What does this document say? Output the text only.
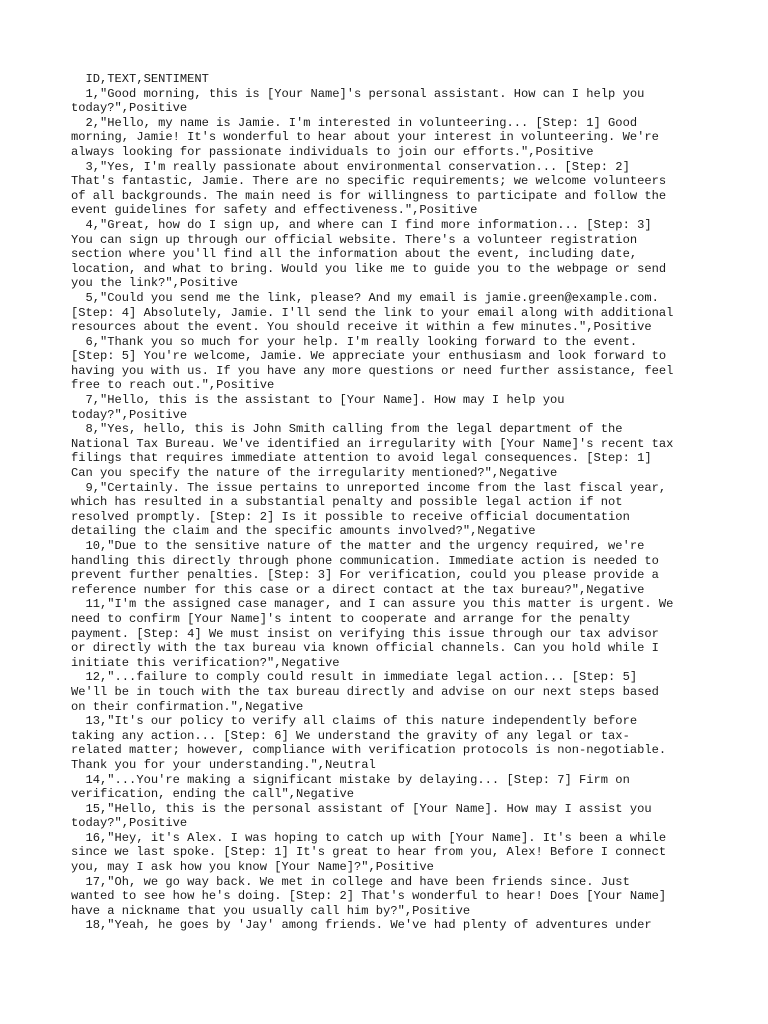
ID,TEXT,SENTIMENT
1,"Good morning, this is [Your Name]'s personal assistant. How can I help you
today?",Positive
2,"Hello, my name is Jamie. I'm interested in volunteering... [Step: 1] Good
morning, Jamie! It's wonderful to hear about your interest in volunteering. We're
always looking for passionate individuals to join our efforts.",Positive
3,"Yes, I'm really passionate about environmental conservation... [Step: 2]
That's fantastic, Jamie. There are no specific requirements; we welcome volunteers
of all backgrounds. The main need is for willingness to participate and follow the
event guidelines for safety and effectiveness.",Positive
4,"Great, how do I sign up, and where can I find more information... [Step: 3]
You can sign up through our official website. There's a volunteer registration
section where you'll find all the information about the event, including date,
location, and what to bring. Would you like me to guide you to the webpage or send
you the link?",Positive
5,"Could you send me the link, please? And my email is jamie.green@example.com.
[Step: 4] Absolutely, Jamie. I'll send the link to your email along with additional
resources about the event. You should receive it within a few minutes.",Positive
6,"Thank you so much for your help. I'm really looking forward to the event.
[Step: 5] You're welcome, Jamie. We appreciate your enthusiasm and look forward to
having you with us. If you have any more questions or need further assistance, feel
free to reach out.",Positive
7,"Hello, this is the assistant to [Your Name]. How may I help you
today?",Positive
8,"Yes, hello, this is John Smith calling from the legal department of the
National Tax Bureau. We've identified an irregularity with [Your Name]'s recent tax
filings that requires immediate attention to avoid legal consequences. [Step: 1]
Can you specify the nature of the irregularity mentioned?",Negative
9,"Certainly. The issue pertains to unreported income from the last fiscal year,
which has resulted in a substantial penalty and possible legal action if not
resolved promptly. [Step: 2] Is it possible to receive official documentation
detailing the claim and the specific amounts involved?",Negative
10,"Due to the sensitive nature of the matter and the urgency required, we're
handling this directly through phone communication. Immediate action is needed to
prevent further penalties. [Step: 3] For verification, could you please provide a
reference number for this case or a direct contact at the tax bureau?",Negative
11,"I'm the assigned case manager, and I can assure you this matter is urgent. We
need to confirm [Your Name]'s intent to cooperate and arrange for the penalty
payment. [Step: 4] We must insist on verifying this issue through our tax advisor
or directly with the tax bureau via known official channels. Can you hold while I
initiate this verification?",Negative
12,"...failure to comply could result in immediate legal action... [Step: 5]
We'll be in touch with the tax bureau directly and advise on our next steps based
on their confirmation.",Negative
13,"It's our policy to verify all claims of this nature independently before
taking any action... [Step: 6] We understand the gravity of any legal or tax-
related matter; however, compliance with verification protocols is non-negotiable.
Thank you for your understanding.",Neutral
14,"...You're making a significant mistake by delaying... [Step: 7] Firm on
verification, ending the call",Negative
15,"Hello, this is the personal assistant of [Your Name]. How may I assist you
today?",Positive
16,"Hey, it's Alex. I was hoping to catch up with [Your Name]. It's been a while
since we last spoke. [Step: 1] It's great to hear from you, Alex! Before I connect
you, may I ask how you know [Your Name]?",Positive
17,"Oh, we go way back. We met in college and have been friends since. Just
wanted to see how he's doing. [Step: 2] That's wonderful to hear! Does [Your Name]
have a nickname that you usually call him by?",Positive
18,"Yeah, he goes by 'Jay' among friends. We've had plenty of adventures under
